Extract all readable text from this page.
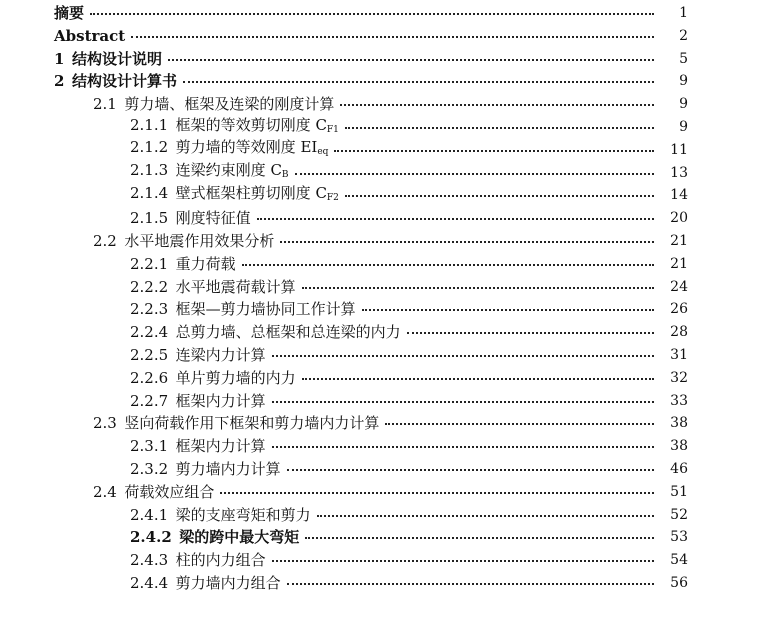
摘要	1
Abstract	2
1  结构设计说明	5
2  结构设计计算书	9
2.1  剪力墙、框架及连梁的刚度计算	9
2.1.1  框架的等效剪切刚度 $C_{F1}$	9
2.1.2  剪力墙的等效刚度 $EI_{eq}$	11
2.1.3  连梁约束刚度 $C_B$	13
2.1.4  壁式框架柱剪切刚度 $C_{F2}$	14
2.1.5  刚度特征值	20
2.2  水平地震作用效果分析	21
2.2.1  重力荷载	21
2.2.2  水平地震荷载计算	24
2.2.3  框架—剪力墙协同工作计算	26
2.2.4  总剪力墙、总框架和总连梁的内力	28
2.2.5  连梁内力计算	31
2.2.6  单片剪力墙的内力	32
2.2.7  框架内力计算	33
2.3  竖向荷载作用下框架和剪力墙内力计算	38
2.3.1  框架内力计算	38
2.3.2  剪力墙内力计算	46
2.4  荷载效应组合	51
2.4.1  梁的支座弯矩和剪力	52
2.4.2  梁的跨中最大弯矩	53
2.4.3  柱的内力组合	54
2.4.4  剪力墙内力组合	56
